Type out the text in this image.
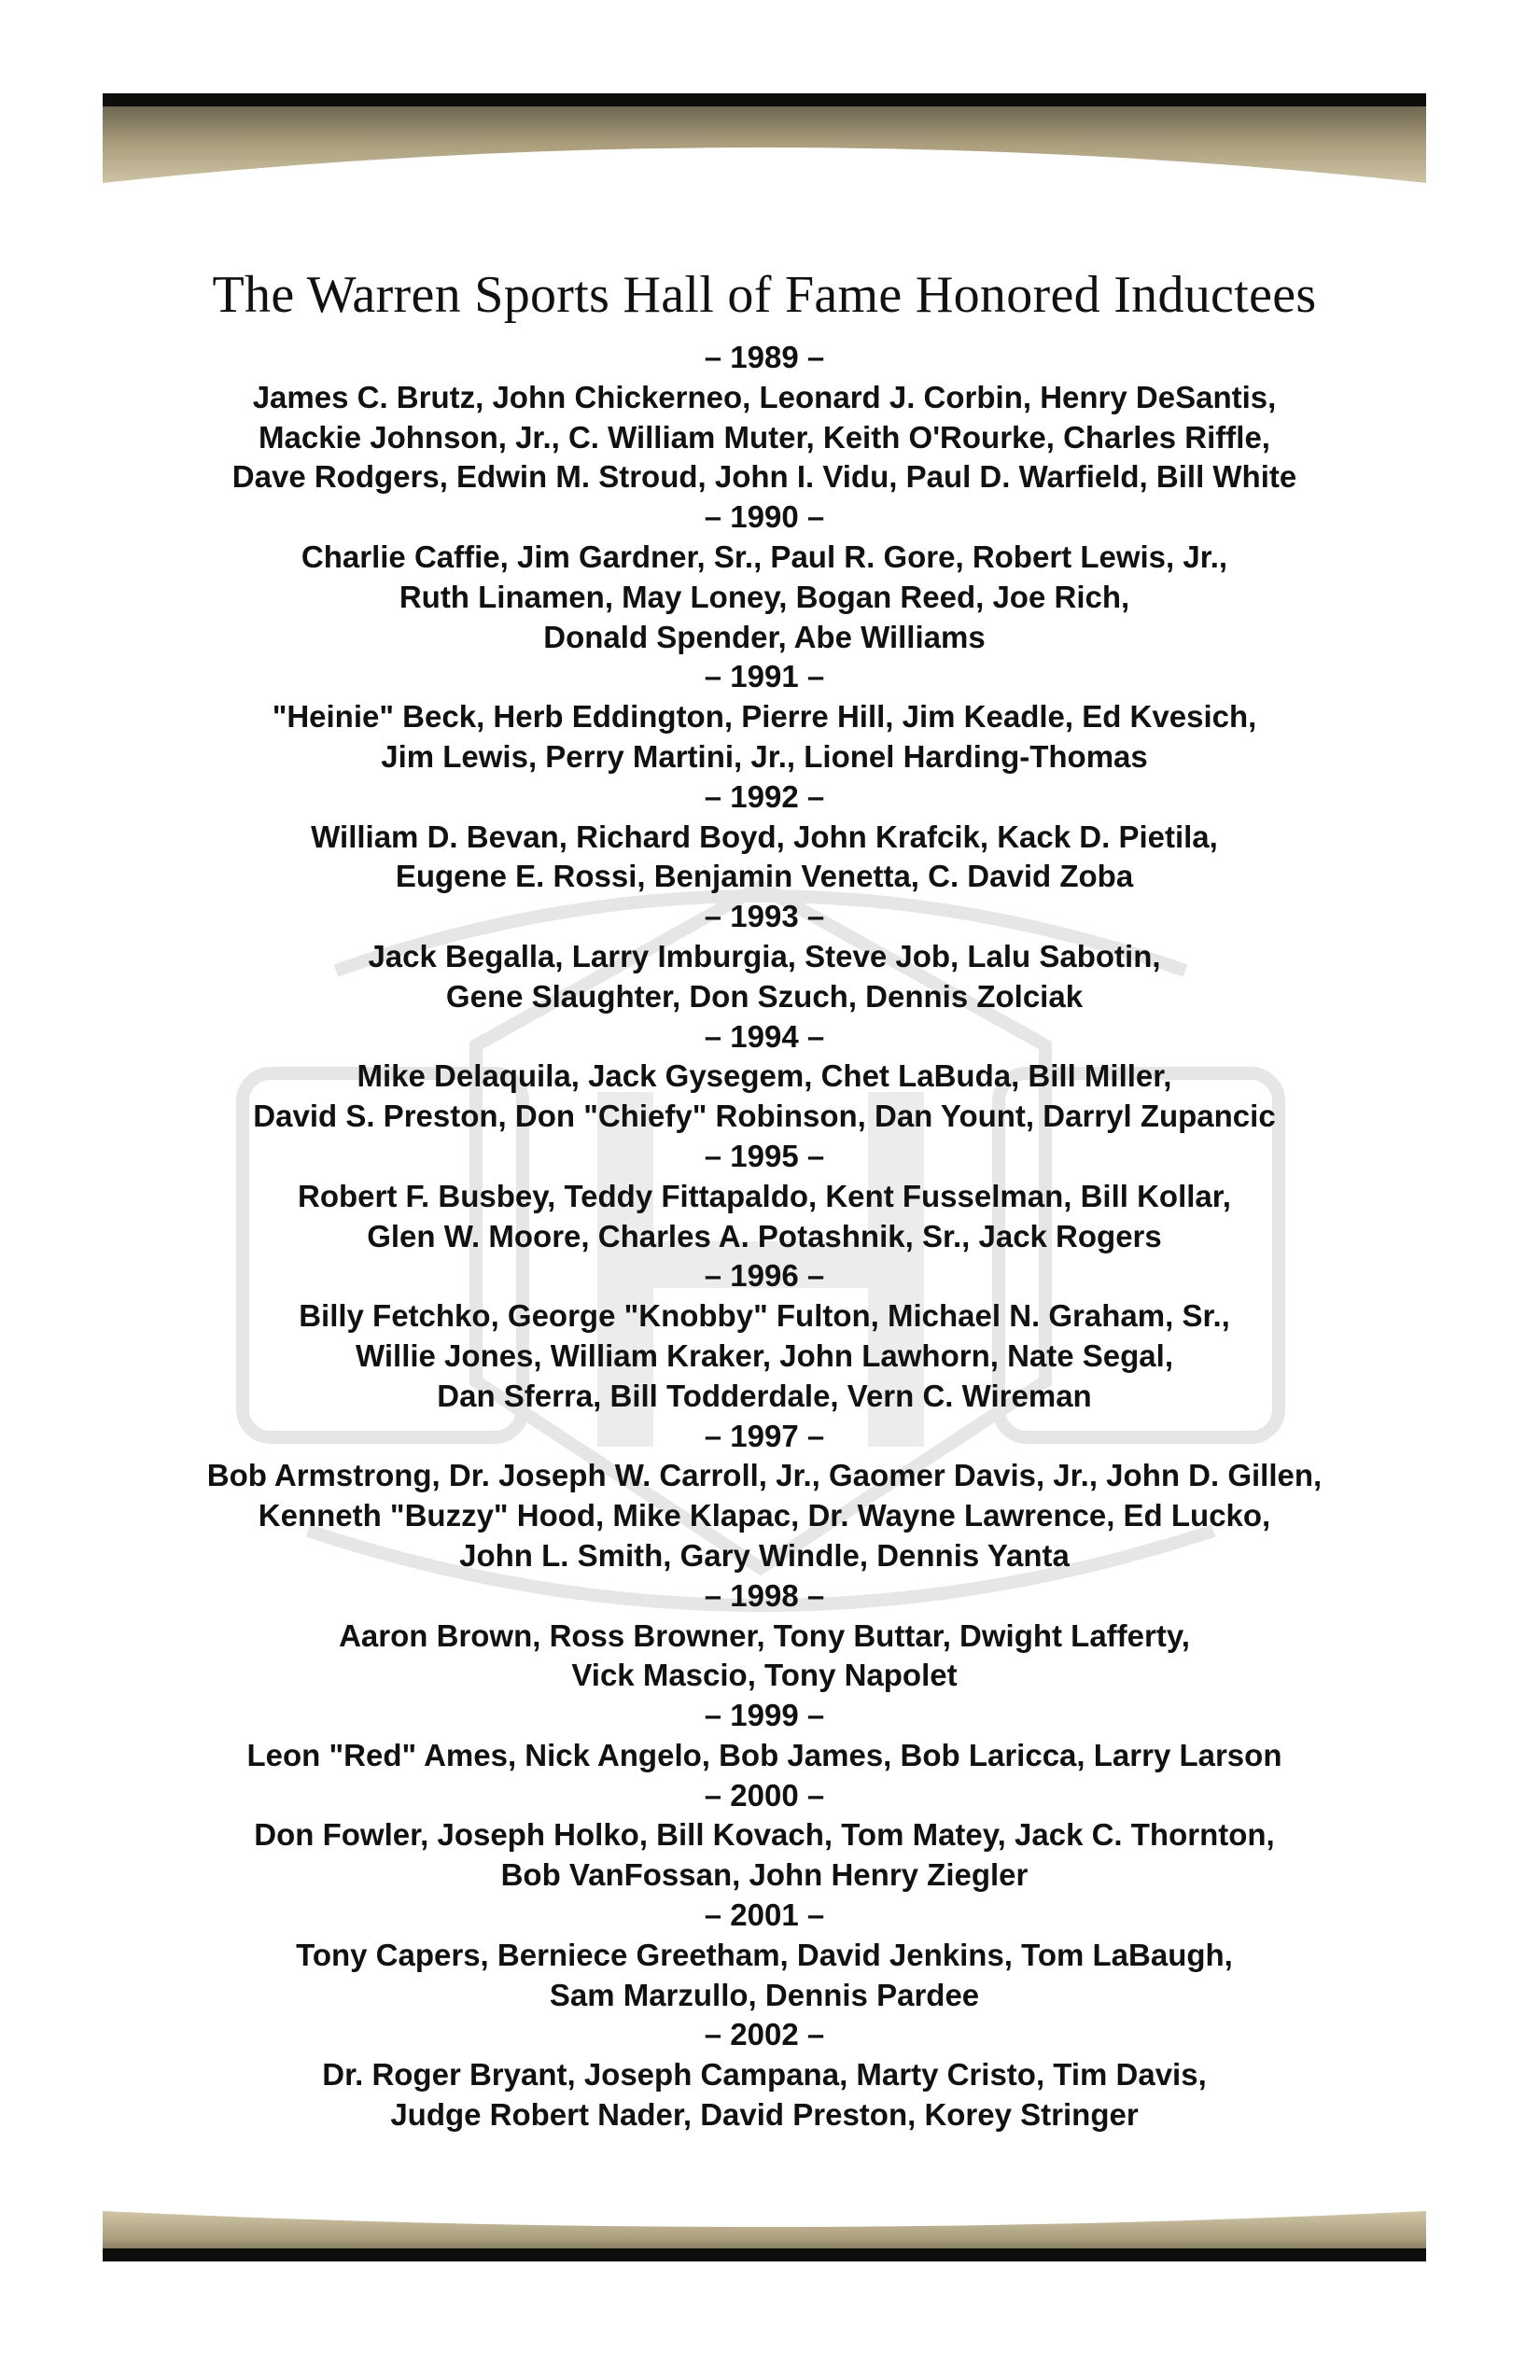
The Warren Sports Hall of Fame Honored Inductees
– 1989 –
James C. Brutz, John Chickerneo, Leonard J. Corbin, Henry DeSantis,
Mackie Johnson, Jr., C. William Muter, Keith O'Rourke, Charles Riffle,
Dave Rodgers, Edwin M. Stroud, John I. Vidu, Paul D. Warfield, Bill White
– 1990 –
Charlie Caffie, Jim Gardner, Sr., Paul R. Gore, Robert Lewis, Jr.,
Ruth Linamen, May Loney, Bogan Reed, Joe Rich,
Donald Spender, Abe Williams
– 1991 –
"Heinie" Beck, Herb Eddington, Pierre Hill, Jim Keadle, Ed Kvesich,
Jim Lewis, Perry Martini, Jr., Lionel Harding-Thomas
– 1992 –
William D. Bevan, Richard Boyd, John Krafcik, Kack D. Pietila,
Eugene E. Rossi, Benjamin Venetta, C. David Zoba
– 1993 –
Jack Begalla, Larry Imburgia, Steve Job, Lalu Sabotin,
Gene Slaughter, Don Szuch, Dennis Zolciak
– 1994 –
Mike Delaquila, Jack Gysegem, Chet LaBuda, Bill Miller,
David S. Preston, Don "Chiefy" Robinson, Dan Yount, Darryl Zupancic
– 1995 –
Robert F. Busbey, Teddy Fittapaldo, Kent Fusselman, Bill Kollar,
Glen W. Moore, Charles A. Potashnik, Sr., Jack Rogers
– 1996 –
Billy Fetchko, George "Knobby" Fulton, Michael N. Graham, Sr.,
Willie Jones, William Kraker, John Lawhorn, Nate Segal,
Dan Sferra, Bill Todderdale, Vern C. Wireman
– 1997 –
Bob Armstrong, Dr. Joseph W. Carroll, Jr., Gaomer Davis, Jr., John D. Gillen,
Kenneth "Buzzy" Hood, Mike Klapac, Dr. Wayne Lawrence, Ed Lucko,
John L. Smith, Gary Windle, Dennis Yanta
– 1998 –
Aaron Brown, Ross Browner, Tony Buttar, Dwight Lafferty,
Vick Mascio, Tony Napolet
– 1999 –
Leon "Red" Ames, Nick Angelo, Bob James, Bob Laricca, Larry Larson
– 2000 –
Don Fowler, Joseph Holko, Bill Kovach, Tom Matey, Jack C. Thornton,
Bob VanFossan, John Henry Ziegler
– 2001 –
Tony Capers, Berniece Greetham, David Jenkins, Tom LaBaugh,
Sam Marzullo, Dennis Pardee
– 2002 –
Dr. Roger Bryant, Joseph Campana, Marty Cristo, Tim Davis,
Judge Robert Nader, David Preston, Korey Stringer
